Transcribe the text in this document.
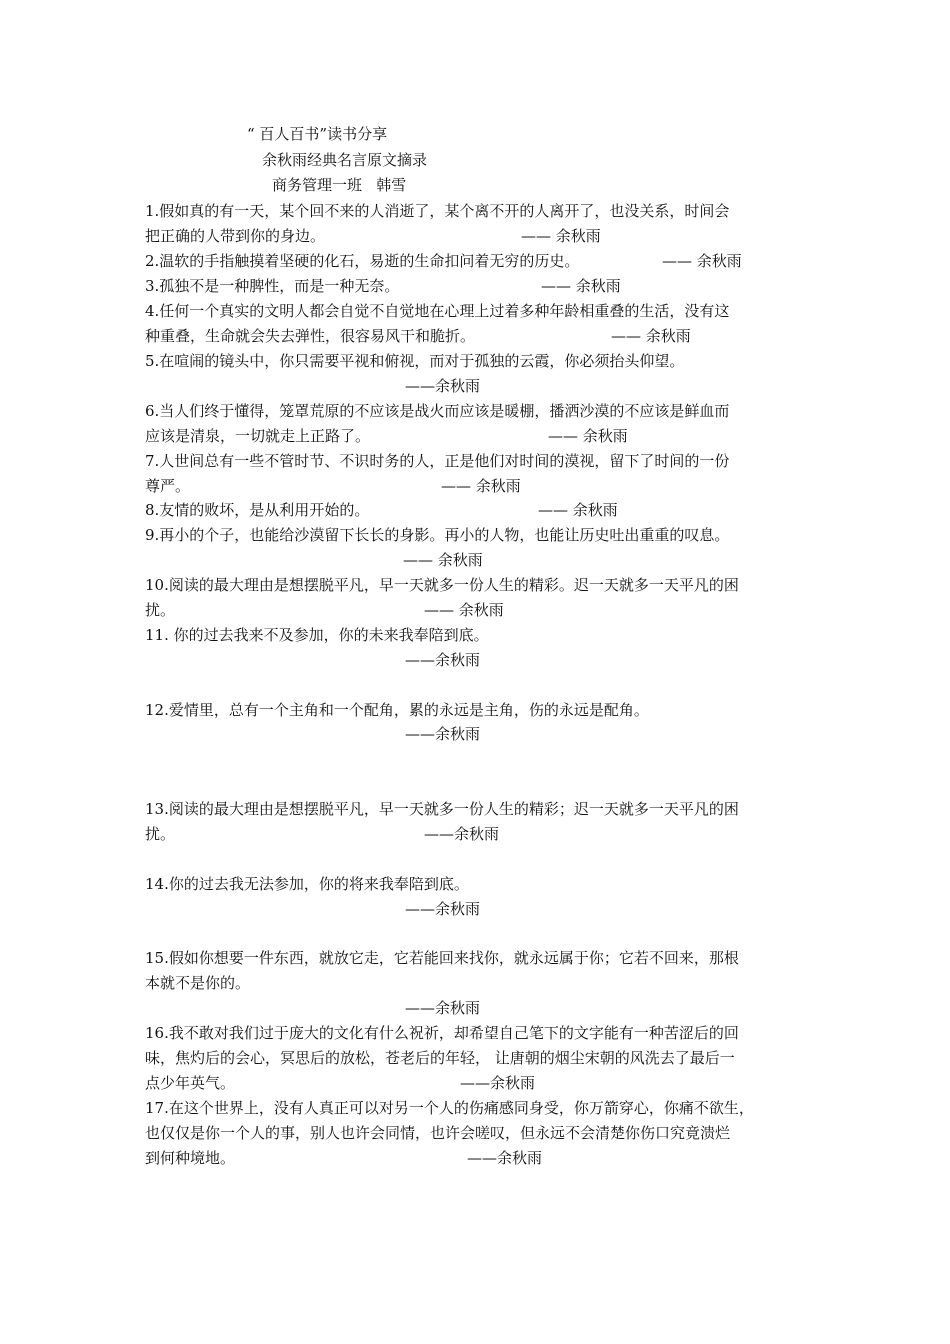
“ 百人百书”读书分享
余秋雨经典名言原文摘录
商务管理一班   韩雪
1.假如真的有一天，某个回不来的人消逝了，某个离不开的人离开了，也没关系，时间会
把正确的人带到你的身边。	—— 余秋雨
2.温软的手指触摸着坚硬的化石，易逝的生命扣问着无穷的历史。	—— 余秋雨
3.孤独不是一种脾性，而是一种无奈。	—— 余秋雨
4.任何一个真实的文明人都会自觉不自觉地在心理上过着多种年龄相重叠的生活，没有这
种重叠，生命就会失去弹性，很容易风干和脆折。	—— 余秋雨
5.在喧闹的镜头中，你只需要平视和俯视，而对于孤独的云霞，你必须抬头仰望。
——余秋雨
6.当人们终于懂得，笼罩荒原的不应该是战火而应该是暖棚，播洒沙漠的不应该是鲜血而
应该是清泉，一切就走上正路了。	—— 余秋雨
7.人世间总有一些不管时节、不识时务的人，正是他们对时间的漠视，留下了时间的一份
尊严。	—— 余秋雨
8.友情的败坏，是从利用开始的。	—— 余秋雨
9.再小的个子，也能给沙漠留下长长的身影。再小的人物，也能让历史吐出重重的叹息。
—— 余秋雨
10.阅读的最大理由是想摆脱平凡，早一天就多一份人生的精彩。迟一天就多一天平凡的困
扰。	—— 余秋雨
11. 你的过去我来不及参加，你的未来我奉陪到底。
——余秋雨
12.爱情里，总有一个主角和一个配角，累的永远是主角，伤的永远是配角。
——余秋雨
13.阅读的最大理由是想摆脱平凡，早一天就多一份人生的精彩；迟一天就多一天平凡的困
扰。	——余秋雨
14.你的过去我无法参加，你的将来我奉陪到底。
——余秋雨
15.假如你想要一件东西，就放它走，它若能回来找你，就永远属于你；它若不回来，那根
本就不是你的。
——余秋雨
16.我不敢对我们过于庞大的文化有什么祝祈，却希望自己笔下的文字能有一种苦涩后的回
味，焦灼后的会心，冥思后的放松，苍老后的年轻， 让唐朝的烟尘宋朝的风洗去了最后一
点少年英气。	——余秋雨
17.在这个世界上，没有人真正可以对另一个人的伤痛感同身受，你万箭穿心，你痛不欲生，
也仅仅是你一个人的事，别人也许会同情，也许会嗟叹，但永远不会清楚你伤口究竟溃烂
到何种境地。	——余秋雨
